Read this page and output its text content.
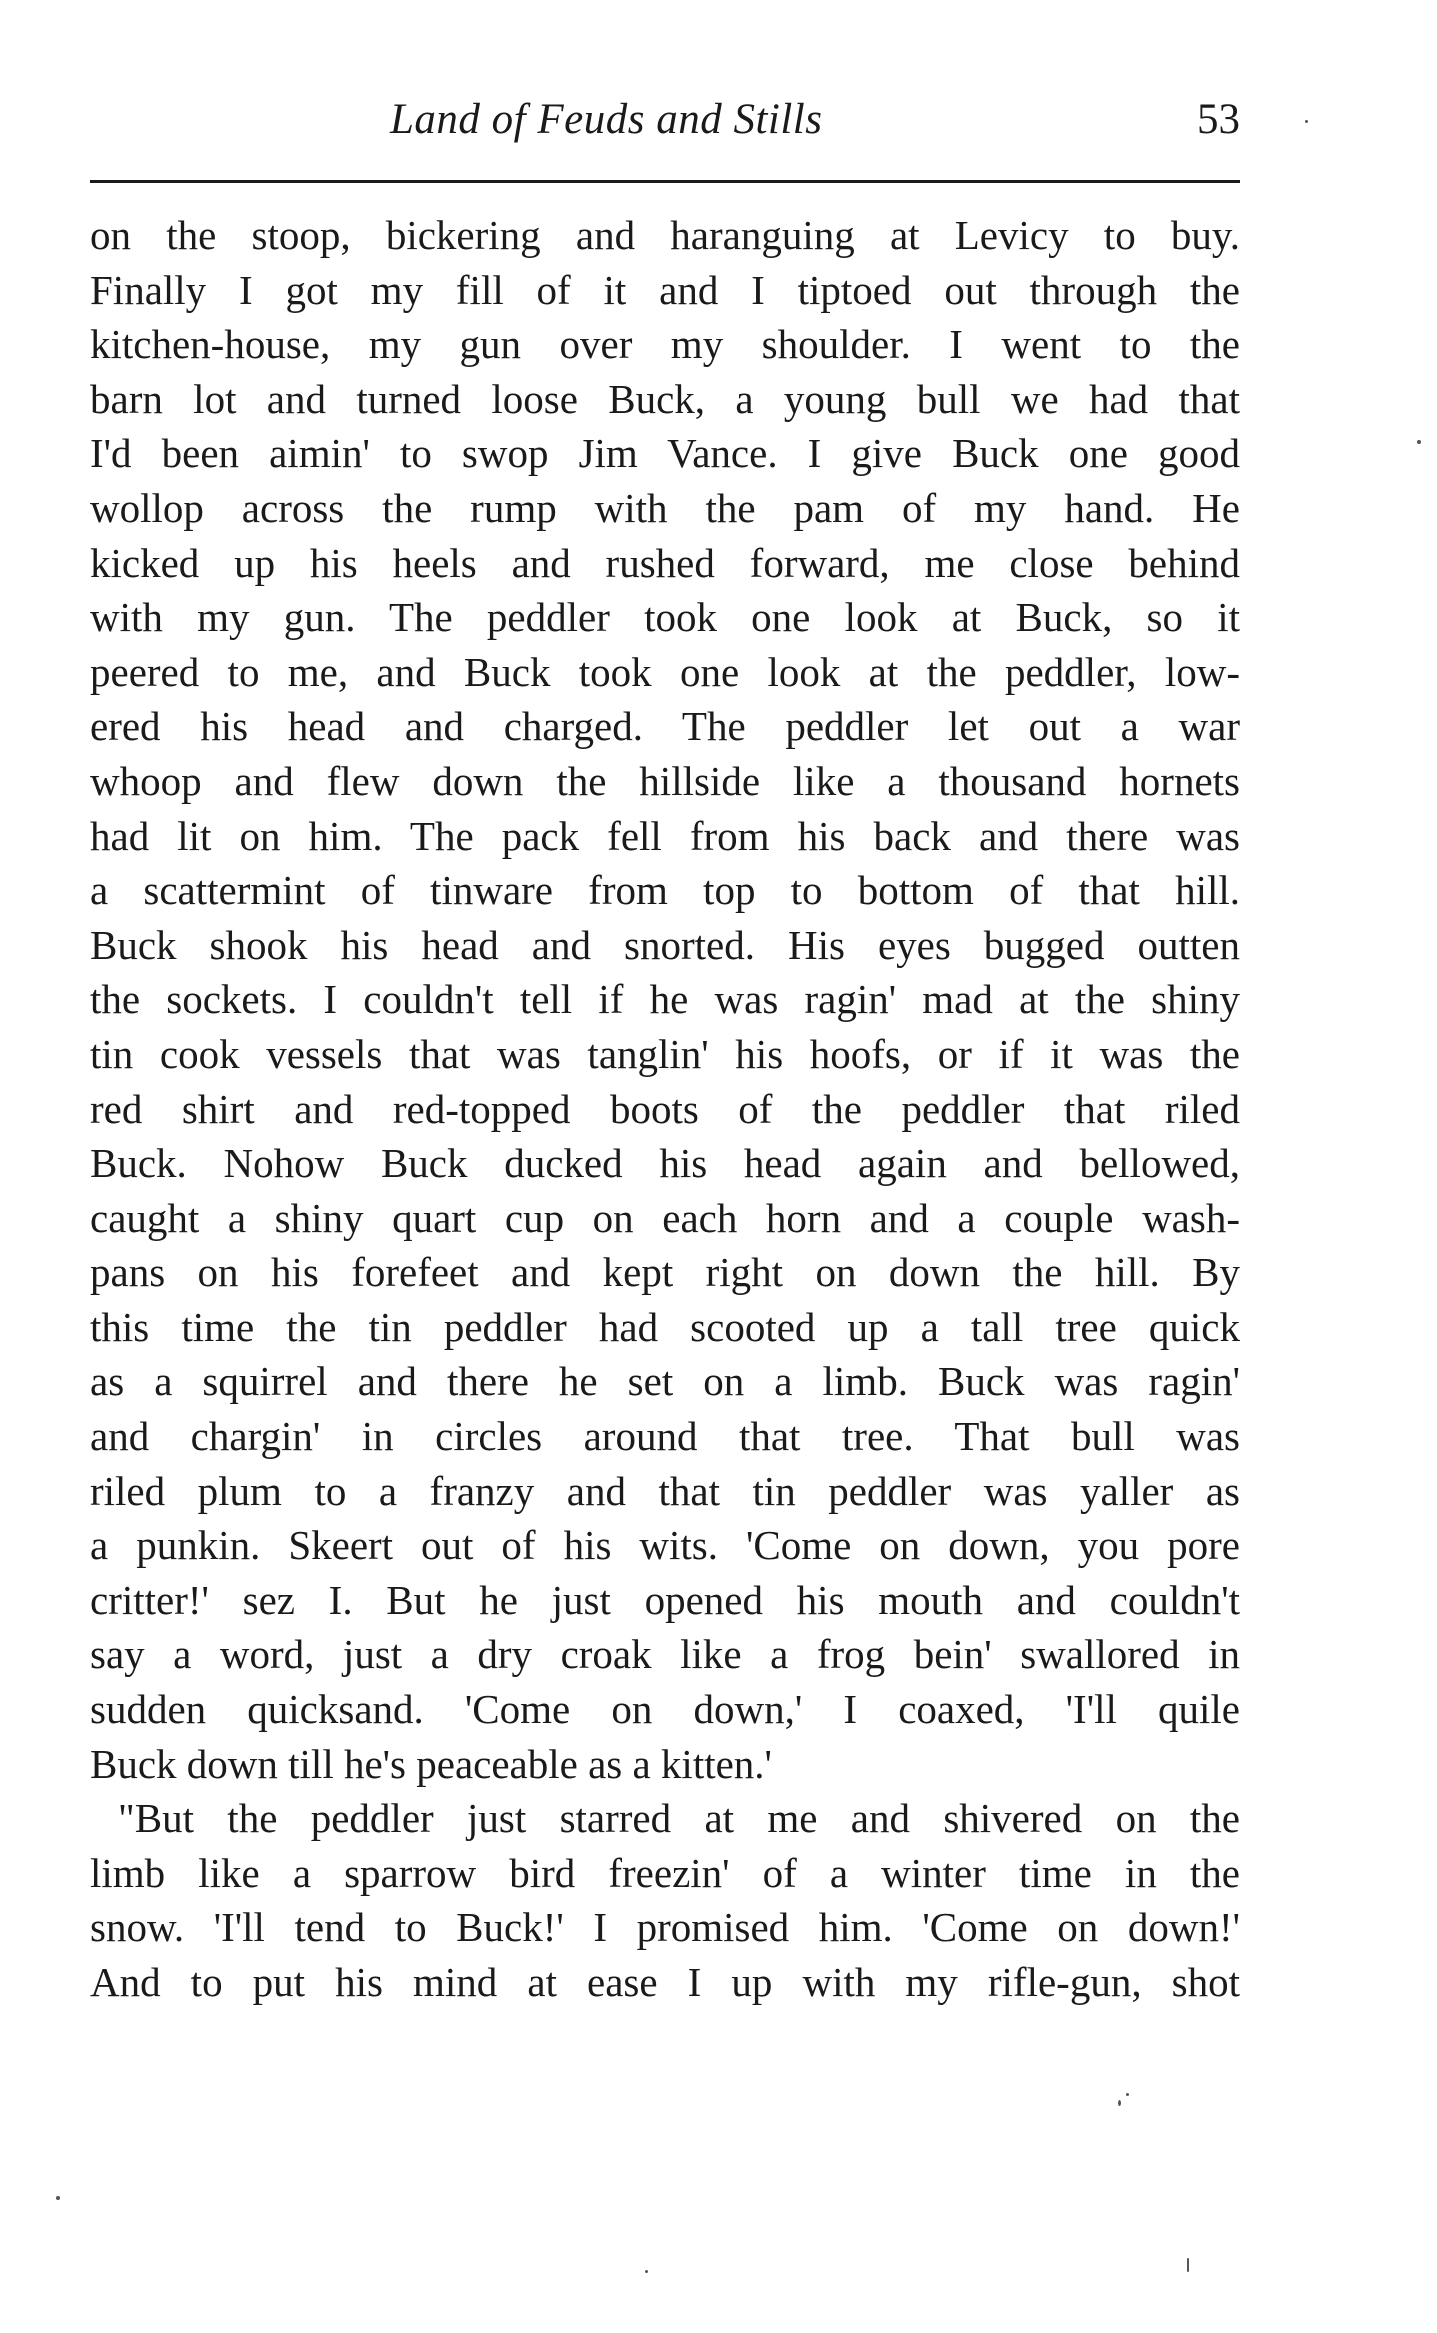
Land of Feuds and Stills	53
on the stoop, bickering and haranguing at Levicy to buy.
Finally I got my fill of it and I tiptoed out through the
kitchen-house, my gun over my shoulder. I went to the
barn lot and turned loose Buck, a young bull we had that
I'd been aimin' to swop Jim Vance. I give Buck one good
wollop across the rump with the pam of my hand. He
kicked up his heels and rushed forward, me close behind
with my gun. The peddler took one look at Buck, so it
peered to me, and Buck took one look at the peddler, low-
ered his head and charged. The peddler let out a war
whoop and flew down the hillside like a thousand hornets
had lit on him. The pack fell from his back and there was
a scattermint of tinware from top to bottom of that hill.
Buck shook his head and snorted. His eyes bugged outten
the sockets. I couldn't tell if he was ragin' mad at the shiny
tin cook vessels that was tanglin' his hoofs, or if it was the
red shirt and red-topped boots of the peddler that riled
Buck. Nohow Buck ducked his head again and bellowed,
caught a shiny quart cup on each horn and a couple wash-
pans on his forefeet and kept right on down the hill. By
this time the tin peddler had scooted up a tall tree quick
as a squirrel and there he set on a limb. Buck was ragin'
and chargin' in circles around that tree. That bull was
riled plum to a franzy and that tin peddler was yaller as
a punkin. Skeert out of his wits. 'Come on down, you pore
critter!' sez I. But he just opened his mouth and couldn't
say a word, just a dry croak like a frog bein' swallored in
sudden quicksand. 'Come on down,' I coaxed, 'I'll quile
Buck down till he's peaceable as a kitten.'
"But the peddler just starred at me and shivered on the
limb like a sparrow bird freezin' of a winter time in the
snow. 'I'll tend to Buck!' I promised him. 'Come on down!'
And to put his mind at ease I up with my rifle-gun, shot
